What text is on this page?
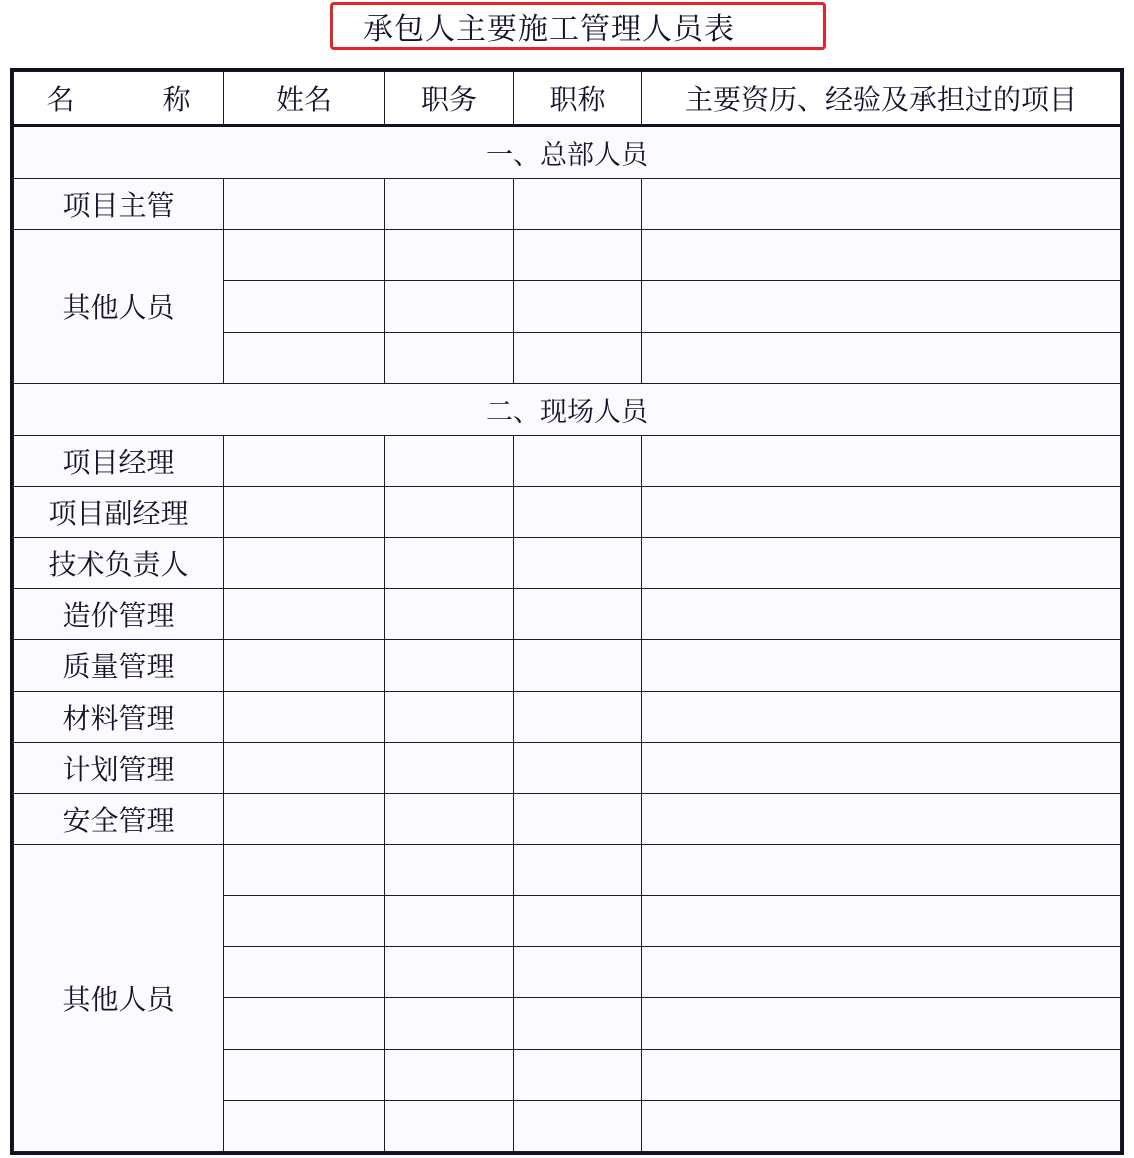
承包人主要施工管理人员表
名 称	姓名	职务	职称	主要资历、经验及承担过的项目
一、总部人员				
项目主管				
其他人员				

二、现场人员				
项目经理				
项目副经理				
技术负责人				
造价管理				
质量管理				
材料管理				
计划管理				
安全管理				
其他人员				
